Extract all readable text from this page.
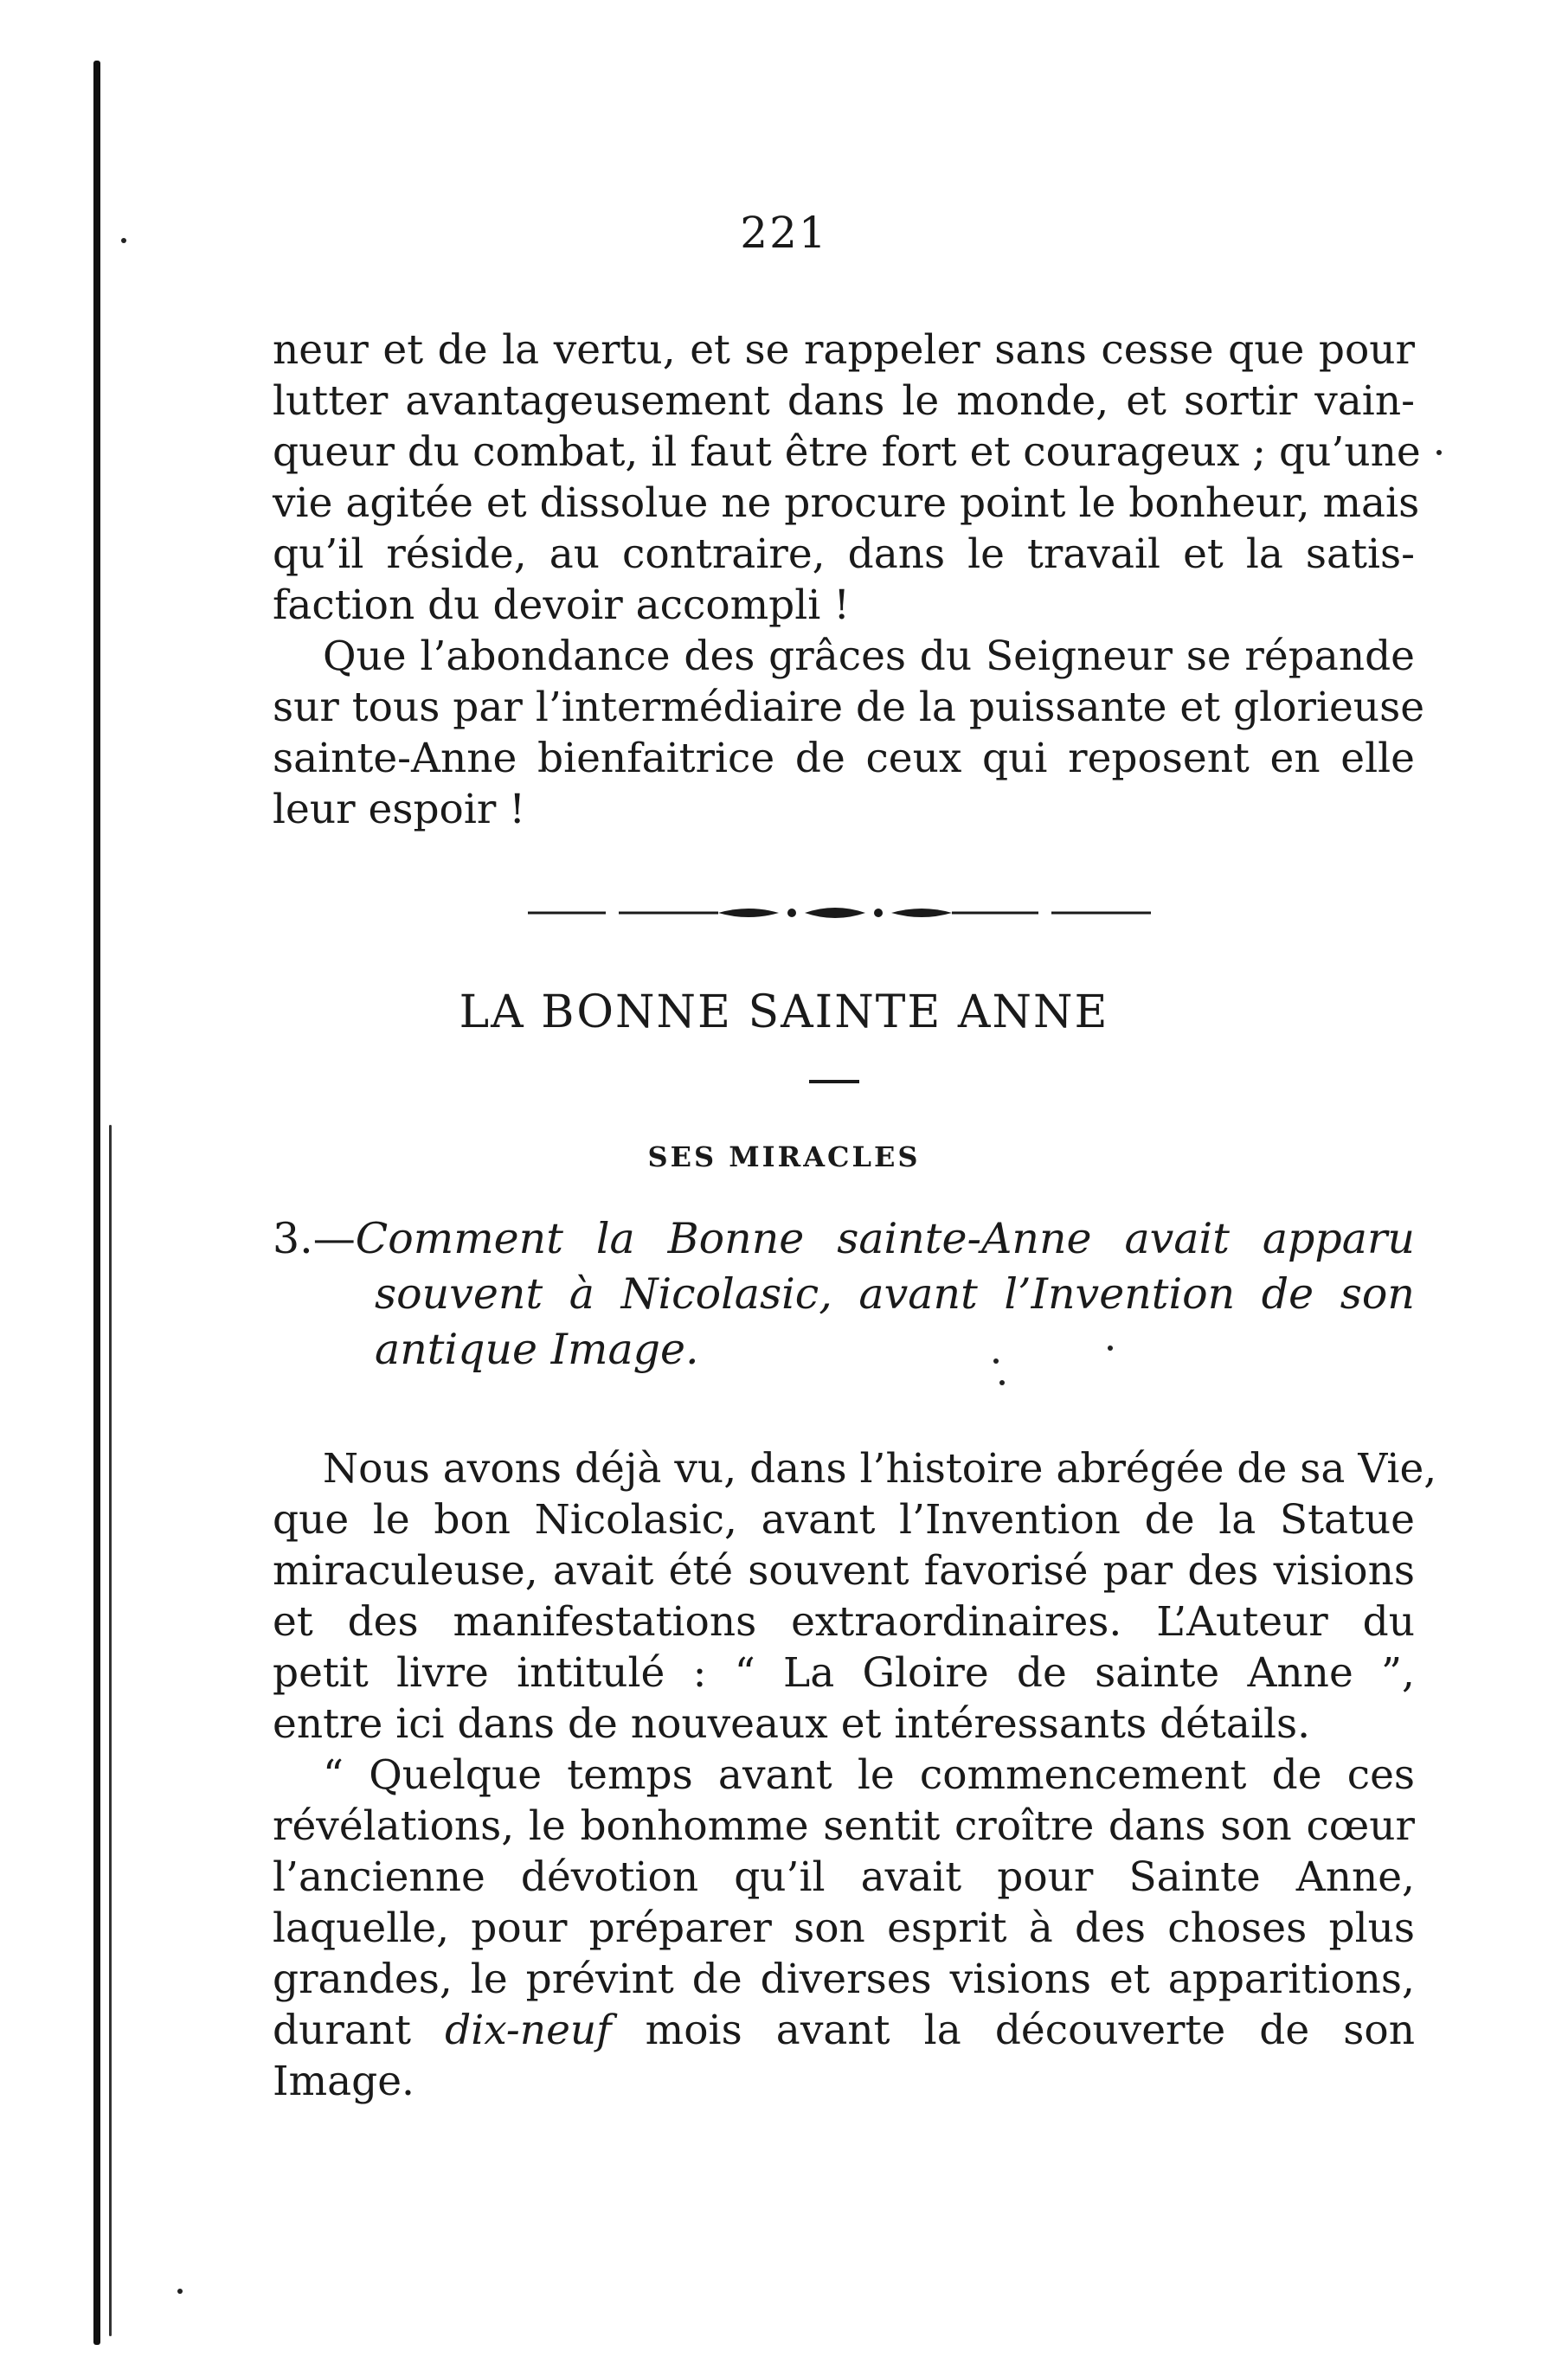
221
neur et de la vertu, et se rappeler sans cesse que pour
lutter avantageusement dans le monde, et sortir vain-
queur du combat, il faut être fort et courageux ; qu’une
vie agitée et dissolue ne procure point le bonheur, mais
qu’il réside, au contraire, dans le travail et la satis-
faction du devoir accompli !
Que l’abondance des grâces du Seigneur se répande
sur tous par l’intermédiaire de la puissante et glorieuse
sainte-Anne bienfaitrice de ceux qui reposent en elle
leur espoir !
LA BONNE SAINTE ANNE
SES MIRACLES
3.—Comment la Bonne sainte-Anne avait apparu
souvent à Nicolasic, avant l’Invention de son
antique Image.
Nous avons déjà vu, dans l’histoire abrégée de sa Vie,
que le bon Nicolasic, avant l’Invention de la Statue
miraculeuse, avait été souvent favorisé par des visions
et des manifestations extraordinaires. L’Auteur du
petit livre intitulé : “ La Gloire de sainte Anne ”,
entre ici dans de nouveaux et intéressants détails.
“ Quelque temps avant le commencement de ces
révélations, le bonhomme sentit croître dans son cœur
l’ancienne dévotion qu’il avait pour Sainte Anne,
laquelle, pour préparer son esprit à des choses plus
grandes, le prévint de diverses visions et apparitions,
durant dix-neuf mois avant la découverte de son
Image.
